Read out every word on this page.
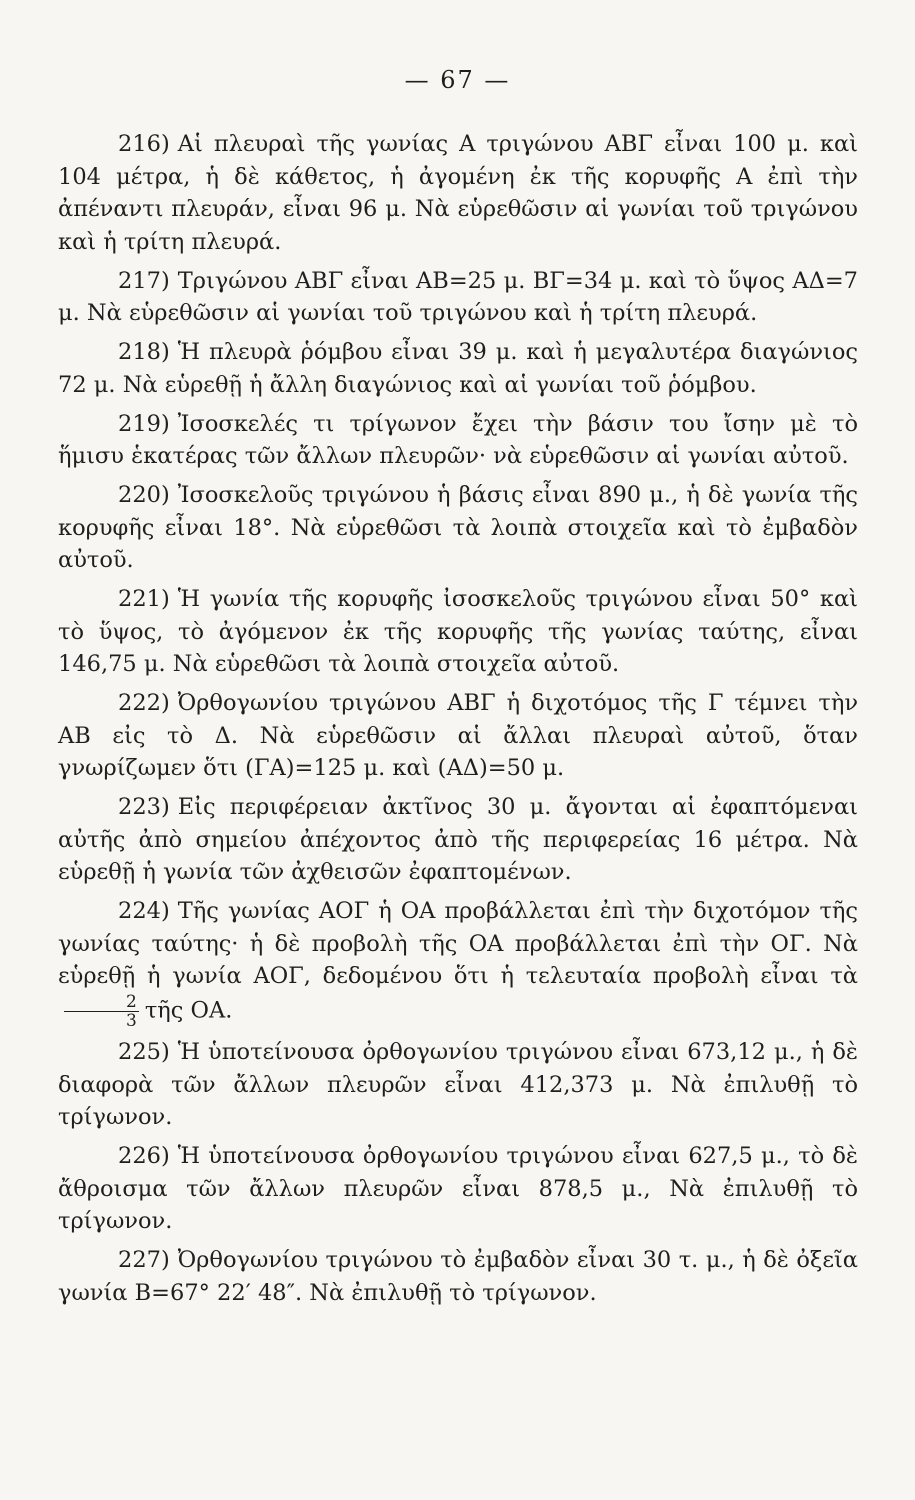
— 67 —

216) Αἱ πλευραὶ τῆς γωνίας Α τριγώνου ΑΒΓ εἶναι 100 μ. καὶ 104 μέτρα, ἡ δὲ κάθετος, ἡ ἀγομένη ἐκ τῆς κορυφῆς Α ἐπὶ τὴν ἀπέναντι πλευράν, εἶναι 96 μ. Νὰ εὑρεθῶσιν αἱ γωνίαι τοῦ τριγώνου καὶ ἡ τρίτη πλευρά.

217) Τριγώνου ΑΒΓ εἶναι ΑΒ=25 μ. ΒΓ=34 μ. καὶ τὸ ὕψος ΑΔ=7 μ. Νὰ εὑρεθῶσιν αἱ γωνίαι τοῦ τριγώνου καὶ ἡ τρίτη πλευρά.

218) Ἡ πλευρὰ ῥόμβου εἶναι 39 μ. καὶ ἡ μεγαλυτέρα διαγώνιος 72 μ. Νὰ εὑρεθῇ ἡ ἄλλη διαγώνιος καὶ αἱ γωνίαι τοῦ ῥόμβου.

219) Ἰσοσκελές τι τρίγωνον ἔχει τὴν βάσιν του ἴσην μὲ τὸ ἥμισυ ἑκατέρας τῶν ἄλλων πλευρῶν· νὰ εὑρεθῶσιν αἱ γωνίαι αὐτοῦ.

220) Ἰσοσκελοῦς τριγώνου ἡ βάσις εἶναι 890 μ., ἡ δὲ γωνία τῆς κορυφῆς εἶναι 18°. Νὰ εὑρεθῶσι τὰ λοιπὰ στοιχεῖα καὶ τὸ ἐμβαδὸν αὐτοῦ.

221) Ἡ γωνία τῆς κορυφῆς ἰσοσκελοῦς τριγώνου εἶναι 50° καὶ τὸ ὕψος, τὸ ἀγόμενον ἐκ τῆς κορυφῆς τῆς γωνίας ταύτης, εἶναι 146,75 μ. Νὰ εὑρεθῶσι τὰ λοιπὰ στοιχεῖα αὐτοῦ.

222) Ὀρθογωνίου τριγώνου ΑΒΓ ἡ διχοτόμος τῆς Γ τέμνει τὴν ΑΒ εἰς τὸ Δ. Νὰ εὑρεθῶσιν αἱ ἄλλαι πλευραὶ αὐτοῦ, ὅταν γνωρίζωμεν ὅτι (ΓΑ)=125 μ. καὶ (ΑΔ)=50 μ.

223) Εἰς περιφέρειαν ἀκτῖνος 30 μ. ἄγονται αἱ ἐφαπτόμεναι αὐτῆς ἀπὸ σημείου ἀπέχοντος ἀπὸ τῆς περιφερείας 16 μέτρα. Νὰ εὑρεθῇ ἡ γωνία τῶν ἀχθεισῶν ἐφαπτομένων.

224) Τῆς γωνίας ΑΟΓ ἡ ΟΑ προβάλλεται ἐπὶ τὴν διχοτόμον τῆς γωνίας ταύτης· ἡ δὲ προβολὴ τῆς ΟΑ προβάλλεται ἐπὶ τὴν ΟΓ. Νὰ εὑρεθῇ ἡ γωνία ΑΟΓ, δεδομένου ὅτι ἡ τελευταία προβολὴ εἶναι τὰ
$\frac{2}{3}$ τῆς ΟΑ.

225) Ἡ ὑποτείνουσα ὀρθογωνίου τριγώνου εἶναι 673,12 μ., ἡ δὲ διαφορὰ τῶν ἄλλων πλευρῶν εἶναι 412,373 μ. Νὰ ἐπιλυθῇ τὸ τρίγωνον.

226) Ἡ ὑποτείνουσα ὀρθογωνίου τριγώνου εἶναι 627,5 μ., τὸ δὲ ἄθροισμα τῶν ἄλλων πλευρῶν εἶναι 878,5 μ., Νὰ ἐπιλυθῇ τὸ τρίγωνον.

227) Ὀρθογωνίου τριγώνου τὸ ἐμβαδὸν εἶναι 30 τ. μ., ἡ δὲ ὀξεῖα γωνία Β=67° 22′ 48″. Νὰ ἐπιλυθῇ τὸ τρίγωνον.
